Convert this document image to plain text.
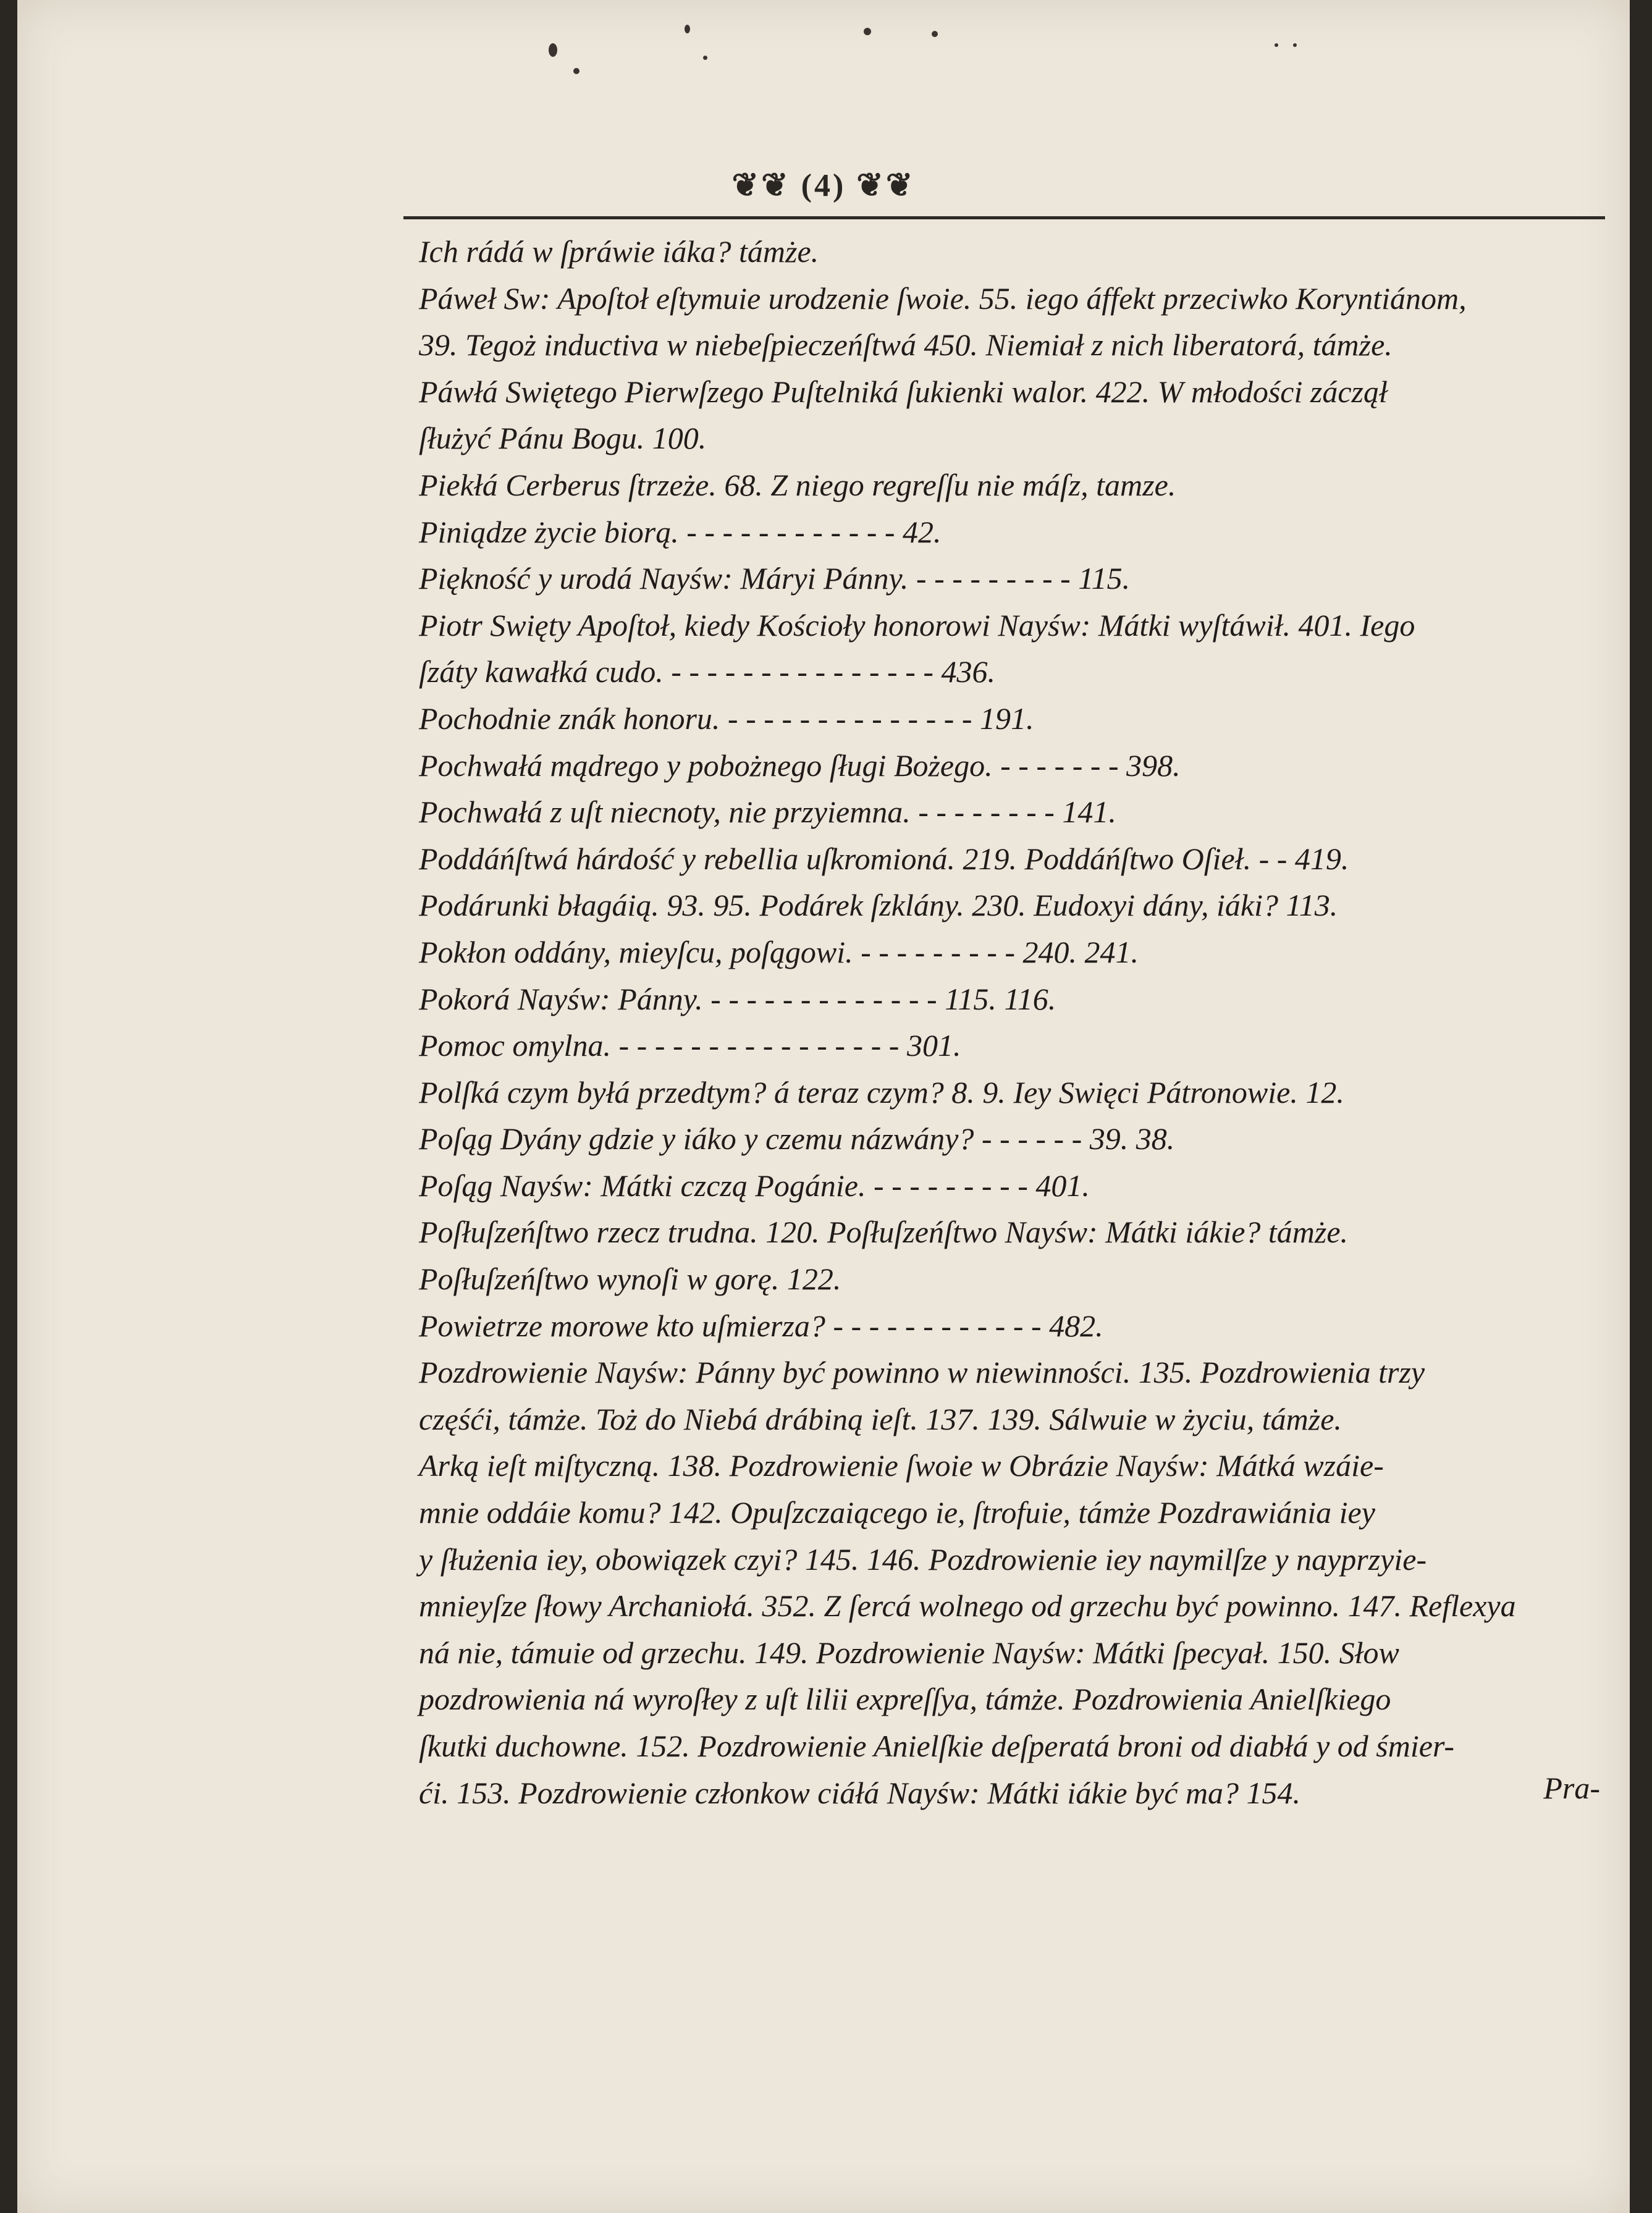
❦❦ (4) ❦❦
Ich rádá w ſpráwie iáka? támże.
Páweł Sw: Apoſtoł eſtymuie urodzenie ſwoie. 55. iego áffekt przeciwko Koryntiánom,
39. Tegoż inductiva w niebeſpieczeńſtwá 450. Niemiał z nich liberatorá, támże.
Páwłá Swiętego Pierwſzego Puſtelniká ſukienki walor. 422. W młodości záczął
ſłużyć Pánu Bogu. 100.
Piekłá Cerberus ſtrzeże. 68. Z niego regreſſu nie máſz, tamze.
Piniądze życie biorą. - - - - - - - - - - - - 42.
Piękność y urodá Nayśw: Máryi Pánny. - - - - - - - - - 115.
Piotr Swięty Apoſtoł, kiedy Kościoły honorowi Nayśw: Mátki wyſtáwił. 401. Iego
ſzáty kawałká cudo. - - - - - - - - - - - - - - - 436.
Pochodnie znák honoru. - - - - - - - - - - - - - - 191.
Pochwałá mądrego y pobożnego ſługi Bożego. - - - - - - - 398.
Pochwałá z uſt niecnoty, nie przyiemna. - - - - - - - - 141.
Poddáńſtwá hárdość y rebellia uſkromioná. 219. Poddáńſtwo Oſieł. - - 419.
Podárunki błagáią. 93. 95. Podárek ſzklány. 230. Eudoxyi dány, iáki? 113.
Pokłon oddány, mieyſcu, poſągowi. - - - - - - - - - 240. 241.
Pokorá Nayśw: Pánny. - - - - - - - - - - - - - 115. 116.
Pomoc omylna. - - - - - - - - - - - - - - - - 301.
Polſká czym byłá przedtym? á teraz czym? 8. 9. Iey Swięci Pátronowie. 12.
Poſąg Dyány gdzie y iáko y czemu názwány? - - - - - - 39. 38.
Poſąg Nayśw: Mátki czczą Pogánie. - - - - - - - - - 401.
Poſłuſzeńſtwo rzecz trudna. 120. Poſłuſzeńſtwo Nayśw: Mátki iákie? támże.
Poſłuſzeńſtwo wynoſi w gorę. 122.
Powietrze morowe kto uſmierza? - - - - - - - - - - - - 482.
Pozdrowienie Nayśw: Pánny być powinno w niewinności. 135. Pozdrowienia trzy
częśći, támże. Toż do Niebá drábiną ieſt. 137. 139. Sálwuie w życiu, támże.
Arką ieſt miſtyczną. 138. Pozdrowienie ſwoie w Obrázie Nayśw: Mátká wzáie-
mnie oddáie komu? 142. Opuſzczaiącego ie, ſtrofuie, támże Pozdrawiánia iey
y ſłużenia iey, obowiązek czyi? 145. 146. Pozdrowienie iey naymilſze y nayprzyie-
mnieyſze ſłowy Archaniołá. 352. Z ſercá wolnego od grzechu być powinno. 147. Reflexya
ná nie, támuie od grzechu. 149. Pozdrowienie Nayśw: Mátki ſpecyał. 150. Słow
pozdrowienia ná wyroſłey z uſt lilii expreſſya, támże. Pozdrowienia Anielſkiego
ſkutki duchowne. 152. Pozdrowienie Anielſkie deſperatá broni od diabłá y od śmier-
ći. 153. Pozdrowienie członkow ciáłá Nayśw: Mátki iákie być ma? 154.	Pra-
